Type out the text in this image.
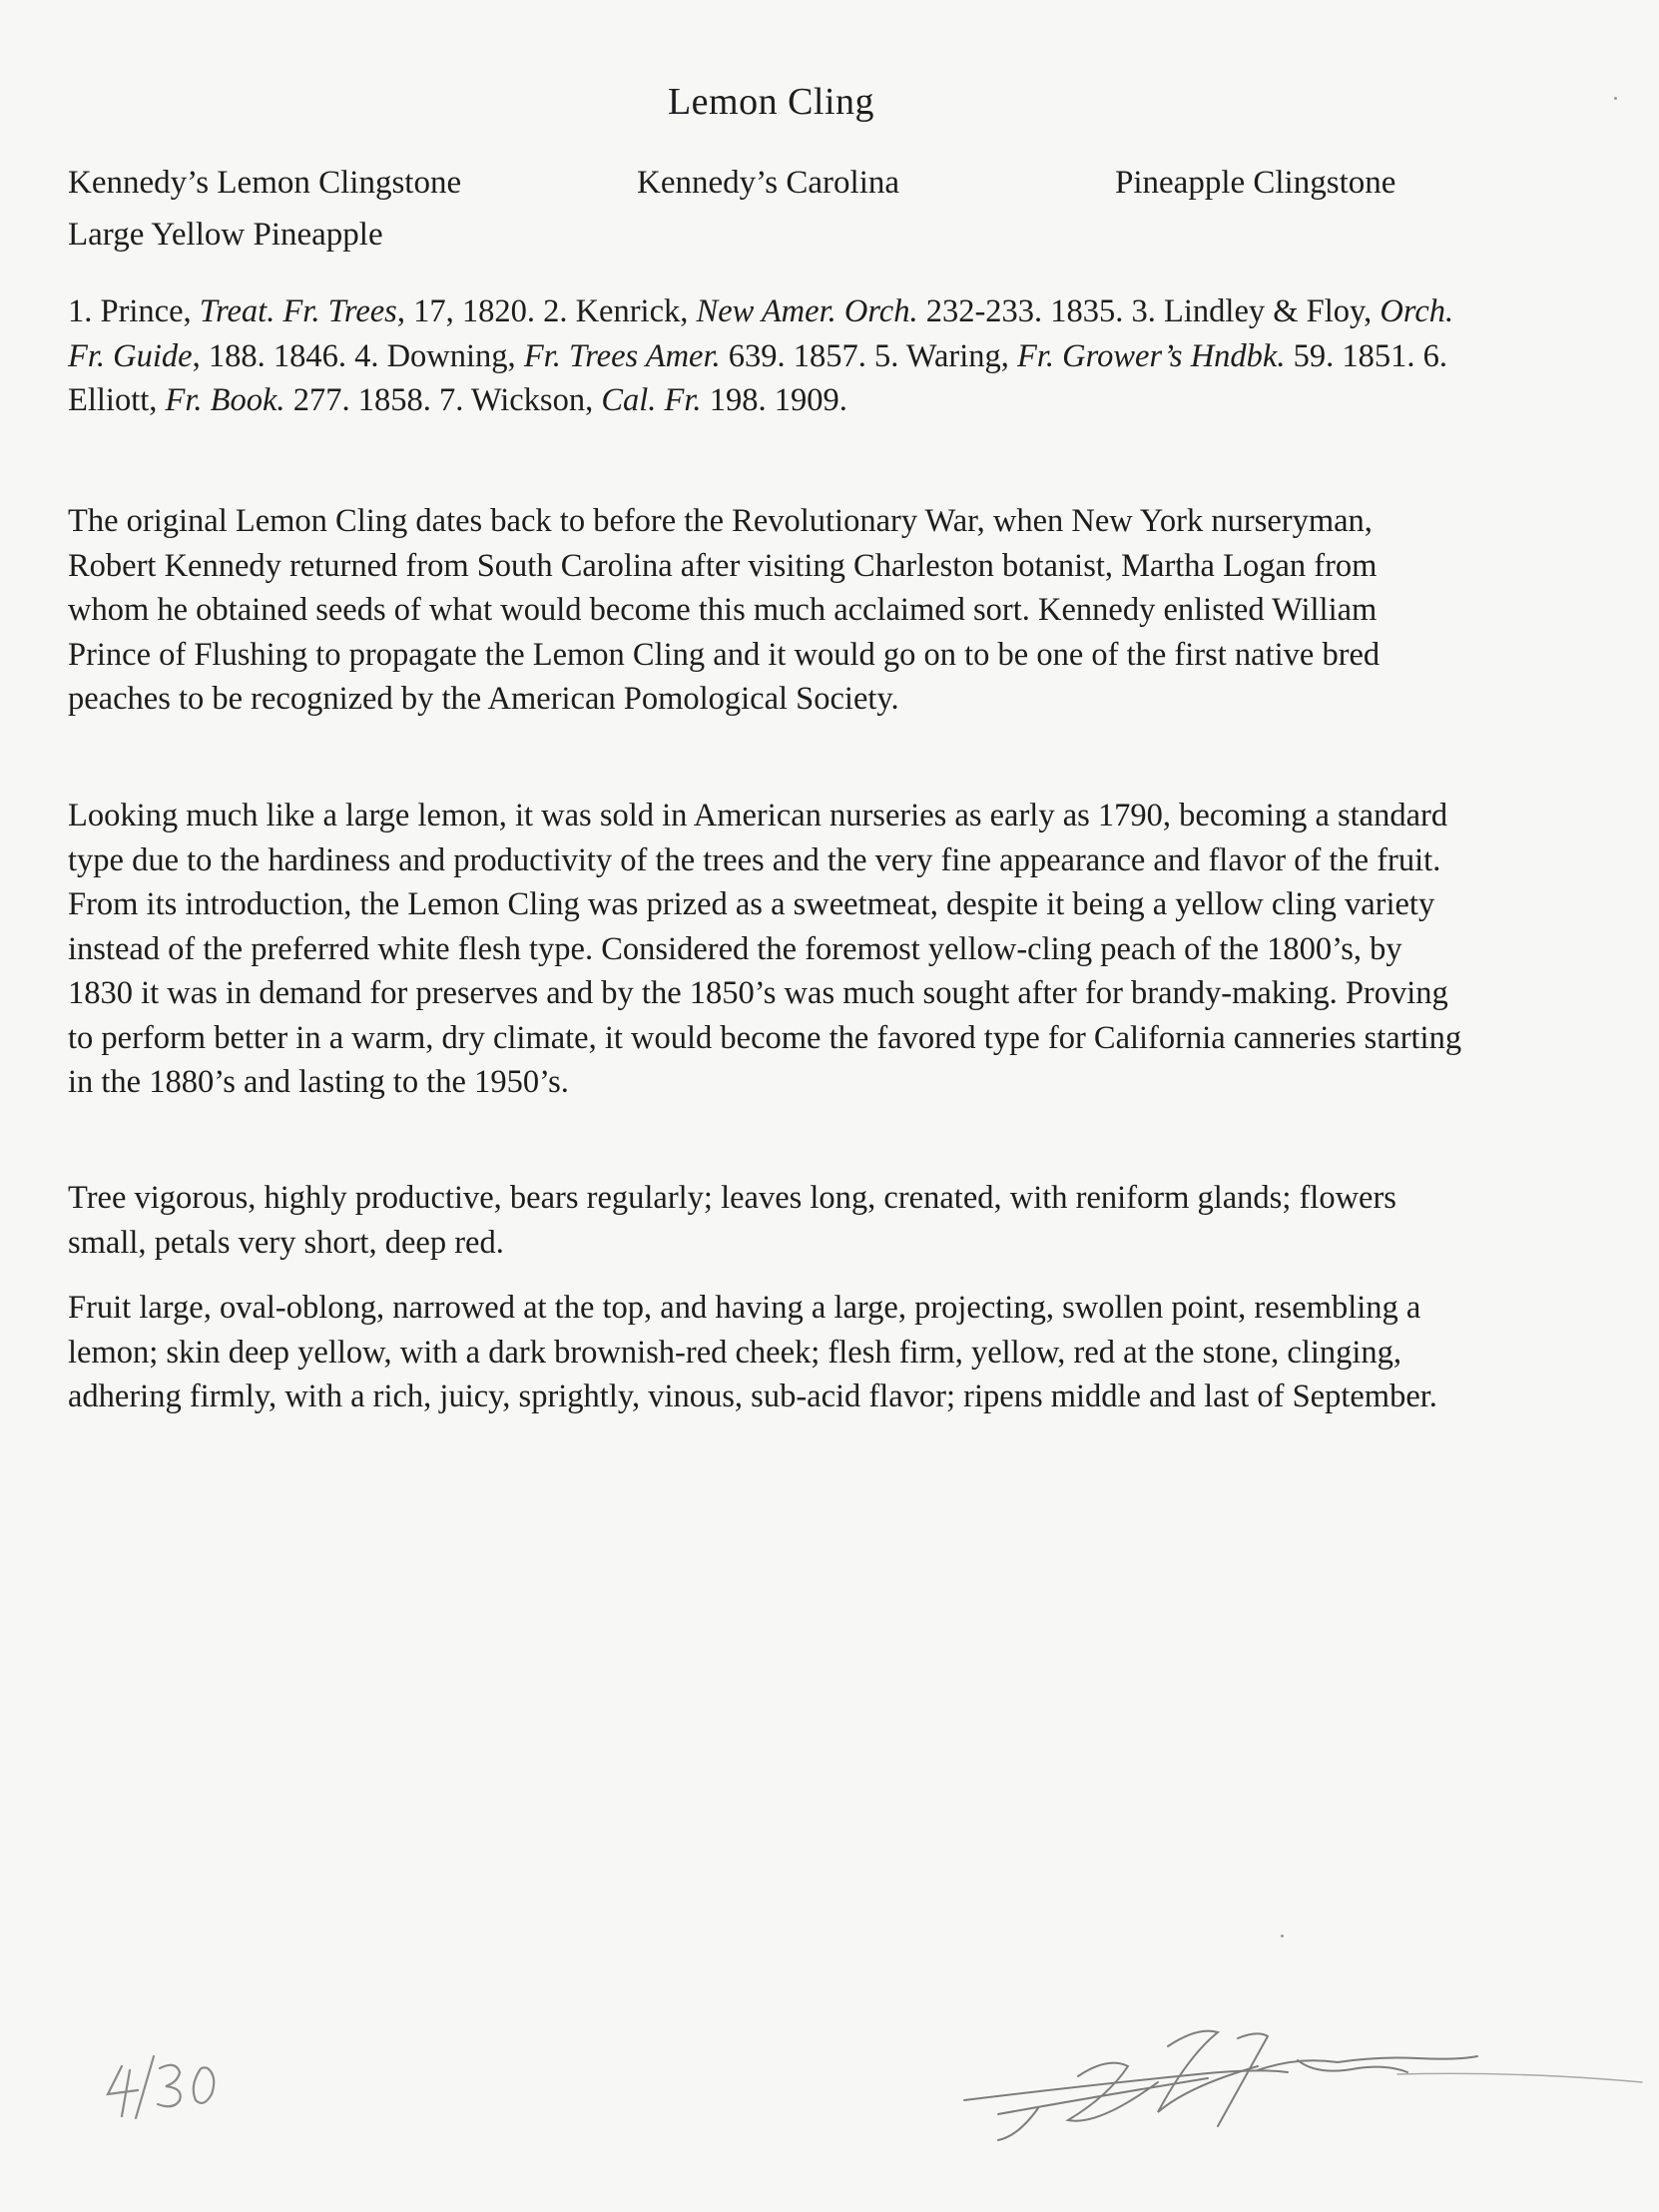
Lemon Cling
Kennedy’s Lemon Clingstone	Kennedy’s Carolina	Pineapple Clingstone
Large Yellow Pineapple

1. Prince, Treat. Fr. Trees, 17, 1820. 2. Kenrick, New Amer. Orch. 232-233. 1835. 3. Lindley & Floy, Orch. Fr. Guide, 188. 1846. 4. Downing, Fr. Trees Amer. 639. 1857. 5. Waring, Fr. Grower’s Hndbk. 59. 1851. 6. Elliott, Fr. Book. 277. 1858. 7. Wickson, Cal. Fr. 198. 1909.

The original Lemon Cling dates back to before the Revolutionary War, when New York nurseryman, Robert Kennedy returned from South Carolina after visiting Charleston botanist, Martha Logan from whom he obtained seeds of what would become this much acclaimed sort. Kennedy enlisted William Prince of Flushing to propagate the Lemon Cling and it would go on to be one of the first native bred peaches to be recognized by the American Pomological Society.

Looking much like a large lemon, it was sold in American nurseries as early as 1790, becoming a standard type due to the hardiness and productivity of the trees and the very fine appearance and flavor of the fruit. From its introduction, the Lemon Cling was prized as a sweetmeat, despite it being a yellow cling variety instead of the preferred white flesh type. Considered the foremost yellow-cling peach of the 1800’s, by 1830 it was in demand for preserves and by the 1850’s was much sought after for brandy-making. Proving to perform better in a warm, dry climate, it would become the favored type for California canneries starting in the 1880’s and lasting to the 1950’s.

Tree vigorous, highly productive, bears regularly; leaves long, crenated, with reniform glands; flowers small, petals very short, deep red.

Fruit large, oval-oblong, narrowed at the top, and having a large, projecting, swollen point, resembling a lemon; skin deep yellow, with a dark brownish-red cheek; flesh firm, yellow, red at the stone, clinging, adhering firmly, with a rich, juicy, sprightly, vinous, sub-acid flavor; ripens middle and last of September.
